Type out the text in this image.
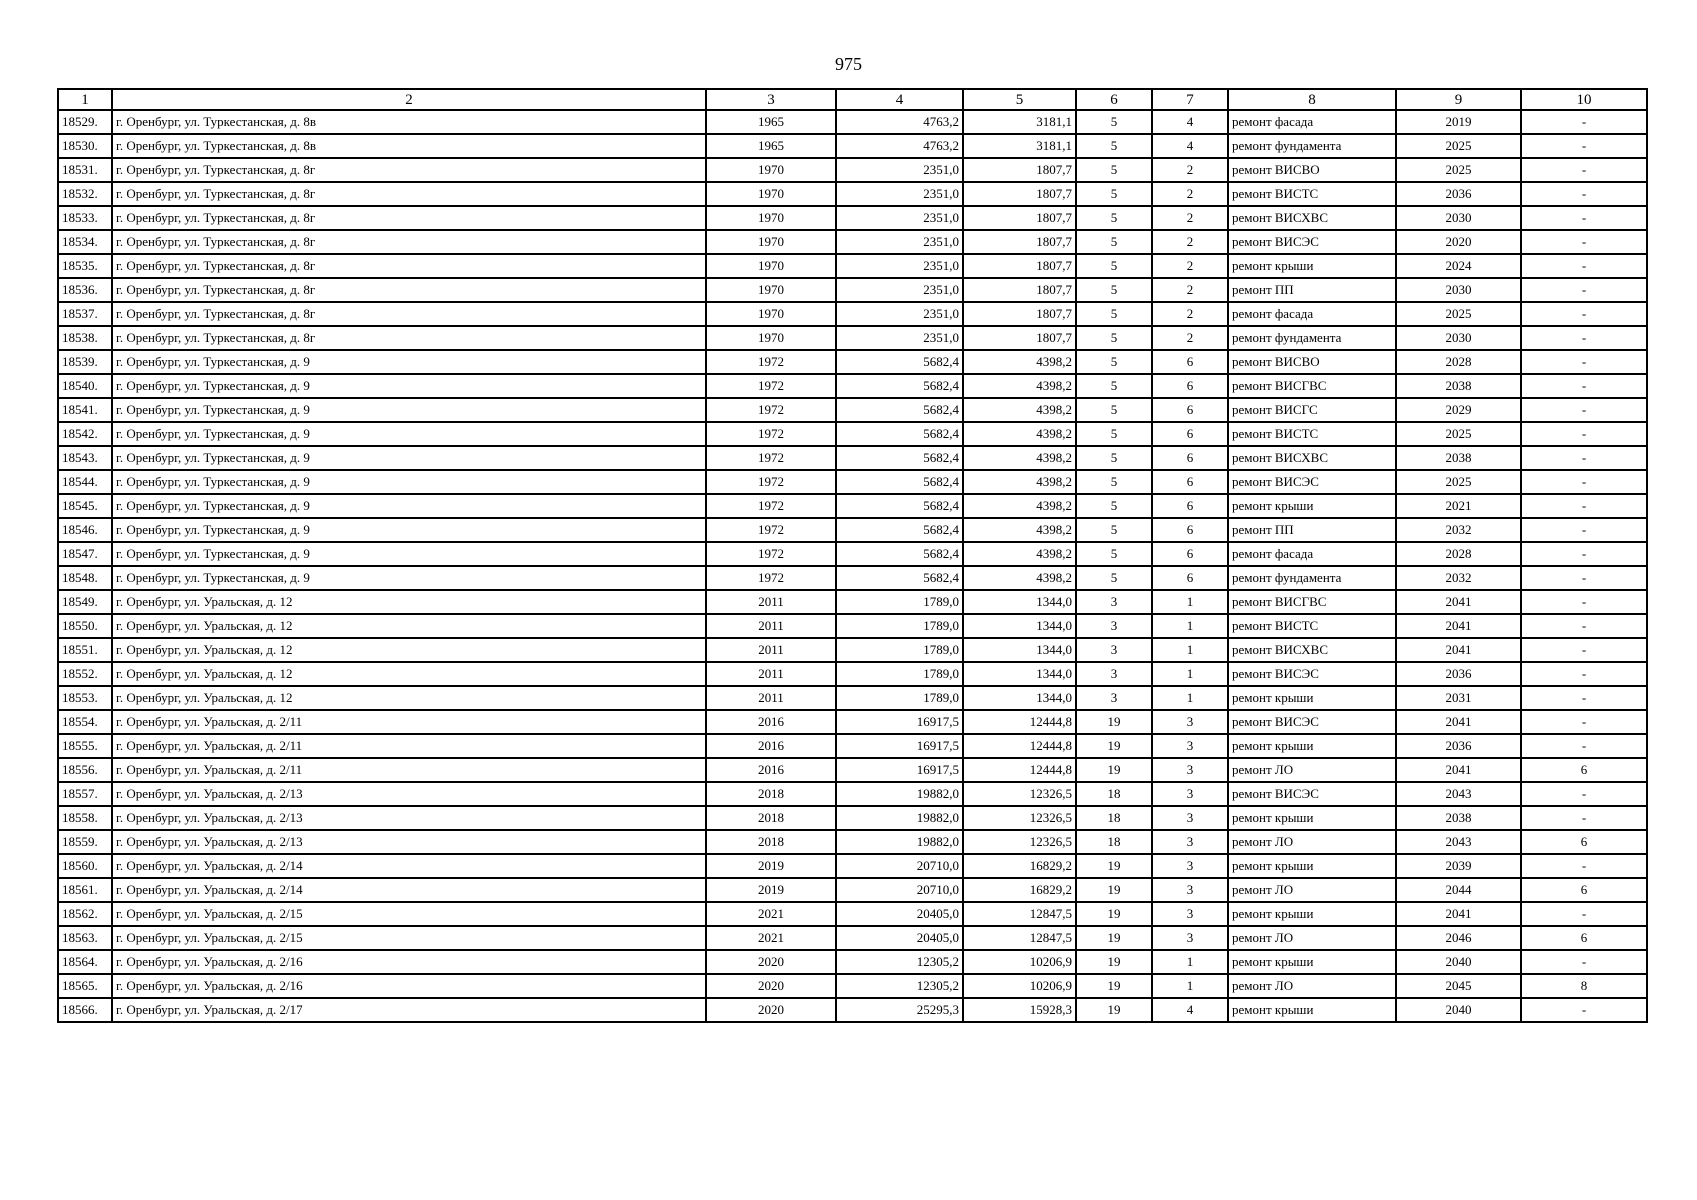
975
1	2	3	4	5	6	7	8	9	10
18529.	г. Оренбург, ул. Туркестанская, д. 8в	1965	4763,2	3181,1	5	4	ремонт фасада	2019	-
18530.	г. Оренбург, ул. Туркестанская, д. 8в	1965	4763,2	3181,1	5	4	ремонт фундамента	2025	-
18531.	г. Оренбург, ул. Туркестанская, д. 8г	1970	2351,0	1807,7	5	2	ремонт ВИСВО	2025	-
18532.	г. Оренбург, ул. Туркестанская, д. 8г	1970	2351,0	1807,7	5	2	ремонт ВИСТС	2036	-
18533.	г. Оренбург, ул. Туркестанская, д. 8г	1970	2351,0	1807,7	5	2	ремонт ВИСХВС	2030	-
18534.	г. Оренбург, ул. Туркестанская, д. 8г	1970	2351,0	1807,7	5	2	ремонт ВИСЭС	2020	-
18535.	г. Оренбург, ул. Туркестанская, д. 8г	1970	2351,0	1807,7	5	2	ремонт крыши	2024	-
18536.	г. Оренбург, ул. Туркестанская, д. 8г	1970	2351,0	1807,7	5	2	ремонт ПП	2030	-
18537.	г. Оренбург, ул. Туркестанская, д. 8г	1970	2351,0	1807,7	5	2	ремонт фасада	2025	-
18538.	г. Оренбург, ул. Туркестанская, д. 8г	1970	2351,0	1807,7	5	2	ремонт фундамента	2030	-
18539.	г. Оренбург, ул. Туркестанская, д. 9	1972	5682,4	4398,2	5	6	ремонт ВИСВО	2028	-
18540.	г. Оренбург, ул. Туркестанская, д. 9	1972	5682,4	4398,2	5	6	ремонт ВИСГВС	2038	-
18541.	г. Оренбург, ул. Туркестанская, д. 9	1972	5682,4	4398,2	5	6	ремонт ВИСГС	2029	-
18542.	г. Оренбург, ул. Туркестанская, д. 9	1972	5682,4	4398,2	5	6	ремонт ВИСТС	2025	-
18543.	г. Оренбург, ул. Туркестанская, д. 9	1972	5682,4	4398,2	5	6	ремонт ВИСХВС	2038	-
18544.	г. Оренбург, ул. Туркестанская, д. 9	1972	5682,4	4398,2	5	6	ремонт ВИСЭС	2025	-
18545.	г. Оренбург, ул. Туркестанская, д. 9	1972	5682,4	4398,2	5	6	ремонт крыши	2021	-
18546.	г. Оренбург, ул. Туркестанская, д. 9	1972	5682,4	4398,2	5	6	ремонт ПП	2032	-
18547.	г. Оренбург, ул. Туркестанская, д. 9	1972	5682,4	4398,2	5	6	ремонт фасада	2028	-
18548.	г. Оренбург, ул. Туркестанская, д. 9	1972	5682,4	4398,2	5	6	ремонт фундамента	2032	-
18549.	г. Оренбург, ул. Уральская, д. 12	2011	1789,0	1344,0	3	1	ремонт ВИСГВС	2041	-
18550.	г. Оренбург, ул. Уральская, д. 12	2011	1789,0	1344,0	3	1	ремонт ВИСТС	2041	-
18551.	г. Оренбург, ул. Уральская, д. 12	2011	1789,0	1344,0	3	1	ремонт ВИСХВС	2041	-
18552.	г. Оренбург, ул. Уральская, д. 12	2011	1789,0	1344,0	3	1	ремонт ВИСЭС	2036	-
18553.	г. Оренбург, ул. Уральская, д. 12	2011	1789,0	1344,0	3	1	ремонт крыши	2031	-
18554.	г. Оренбург, ул. Уральская, д. 2/11	2016	16917,5	12444,8	19	3	ремонт ВИСЭС	2041	-
18555.	г. Оренбург, ул. Уральская, д. 2/11	2016	16917,5	12444,8	19	3	ремонт крыши	2036	-
18556.	г. Оренбург, ул. Уральская, д. 2/11	2016	16917,5	12444,8	19	3	ремонт ЛО	2041	6
18557.	г. Оренбург, ул. Уральская, д. 2/13	2018	19882,0	12326,5	18	3	ремонт ВИСЭС	2043	-
18558.	г. Оренбург, ул. Уральская, д. 2/13	2018	19882,0	12326,5	18	3	ремонт крыши	2038	-
18559.	г. Оренбург, ул. Уральская, д. 2/13	2018	19882,0	12326,5	18	3	ремонт ЛО	2043	6
18560.	г. Оренбург, ул. Уральская, д. 2/14	2019	20710,0	16829,2	19	3	ремонт крыши	2039	-
18561.	г. Оренбург, ул. Уральская, д. 2/14	2019	20710,0	16829,2	19	3	ремонт ЛО	2044	6
18562.	г. Оренбург, ул. Уральская, д. 2/15	2021	20405,0	12847,5	19	3	ремонт крыши	2041	-
18563.	г. Оренбург, ул. Уральская, д. 2/15	2021	20405,0	12847,5	19	3	ремонт ЛО	2046	6
18564.	г. Оренбург, ул. Уральская, д. 2/16	2020	12305,2	10206,9	19	1	ремонт крыши	2040	-
18565.	г. Оренбург, ул. Уральская, д. 2/16	2020	12305,2	10206,9	19	1	ремонт ЛО	2045	8
18566.	г. Оренбург, ул. Уральская, д. 2/17	2020	25295,3	15928,3	19	4	ремонт крыши	2040	-
